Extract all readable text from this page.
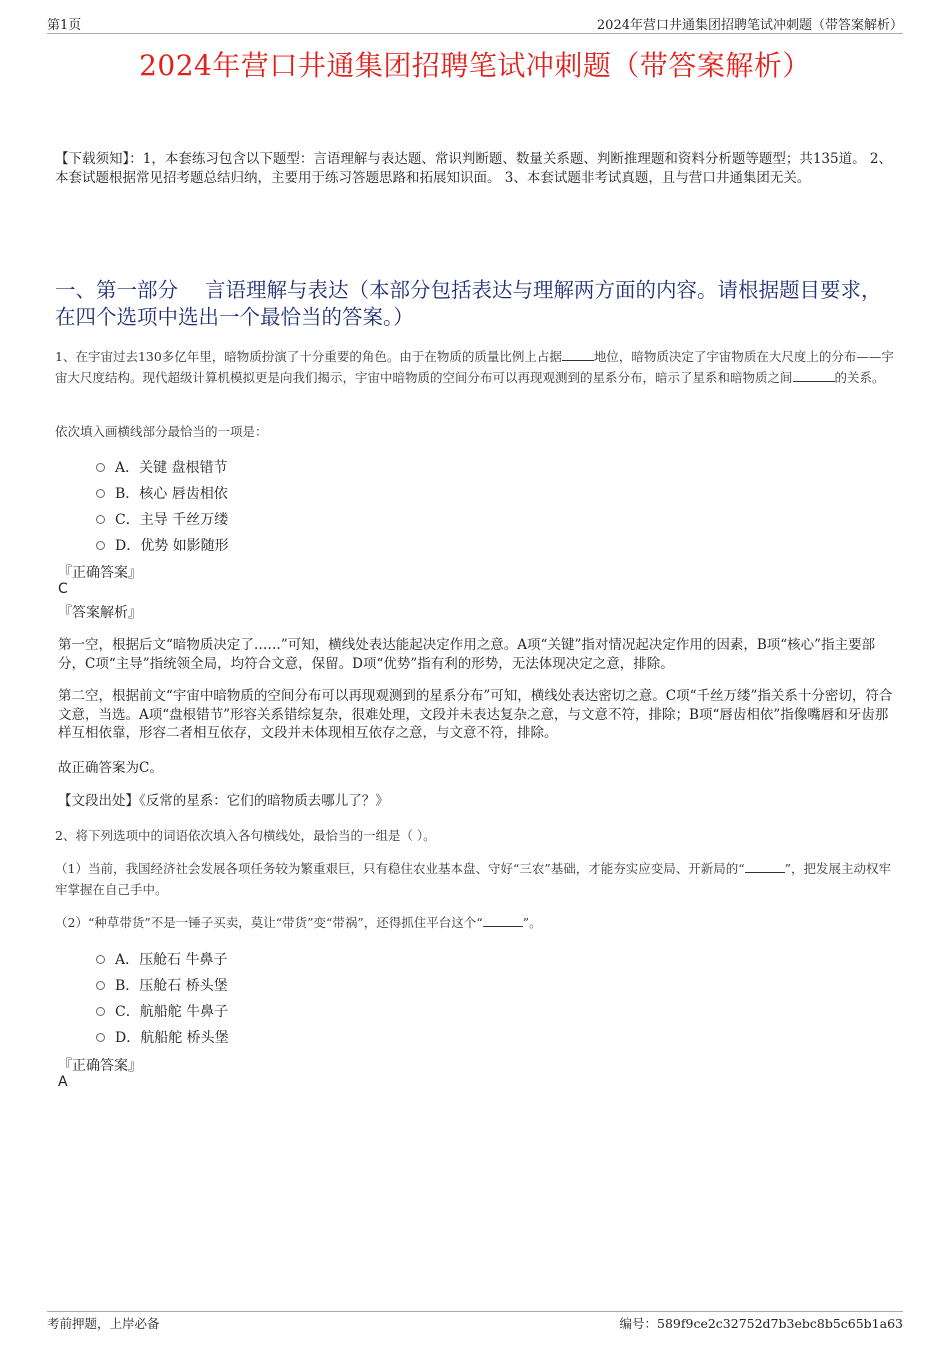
第1页	2024年营口井通集团招聘笔试冲刺题（带答案解析）
2024年营口井通集团招聘笔试冲刺题（带答案解析）
【下载须知】：1，本套练习包含以下题型：言语理解与表达题、常识判断题、数量关系题、判断推理题和资料分析题等题型；共135道。 2、本套试题根据常见招考题总结归纳，主要用于练习答题思路和拓展知识面。 3、本套试题非考试真题，且与营口井通集团无关。
一、第一部分　 言语理解与表达（本部分包括表达与理解两方面的内容。请根据题目要求，在四个选项中选出一个最恰当的答案。）
1、在宇宙过去130多亿年里，暗物质扮演了十分重要的角色。由于在物质的质量比例上占据	地位，暗物质决定了宇宙物质在大尺度上的分布——宇宙大尺度结构。现代超级计算机模拟更是向我们揭示，宇宙中暗物质的空间分布可以再现观测到的星系分布，暗示了星系和暗物质之间	的关系。
依次填入画横线部分最恰当的一项是：
A．关键 盘根错节
B．核心 唇齿相依
C．主导 千丝万缕
D．优势 如影随形
『正确答案』
C
『答案解析』
第一空，根据后文“暗物质决定了……”可知，横线处表达能起决定作用之意。A项“关键”指对情况起决定作用的因素，B项“核心”指主要部分，C项“主导”指统领全局，均符合文意，保留。D项“优势”指有利的形势，无法体现决定之意，排除。
第二空，根据前文“宇宙中暗物质的空间分布可以再现观测到的星系分布”可知，横线处表达密切之意。C项“千丝万缕”指关系十分密切，符合文意，当选。A项“盘根错节”形容关系错综复杂，很难处理，文段并未表达复杂之意，与文意不符，排除；B项“唇齿相依”指像嘴唇和牙齿那样互相依靠，形容二者相互依存，文段并未体现相互依存之意，与文意不符，排除。
故正确答案为C。
【文段出处】《反常的星系：它们的暗物质去哪儿了？》
2、将下列选项中的词语依次填入各句横线处，最恰当的一组是（ ）。
（1）当前，我国经济社会发展各项任务较为繁重艰巨，只有稳住农业基本盘、守好“三农”基础，才能夯实应变局、开新局的“	”，把发展主动权牢牢掌握在自己手中。
（2）“种草带货”不是一锤子买卖，莫让“带货”变“带祸”，还得抓住平台这个“	”。
A．压舱石 牛鼻子
B．压舱石 桥头堡
C．航船舵 牛鼻子
D．航船舵 桥头堡
『正确答案』
A
考前押题，上岸必备	编号：589f9ce2c32752d7b3ebc8b5c65b1a63
